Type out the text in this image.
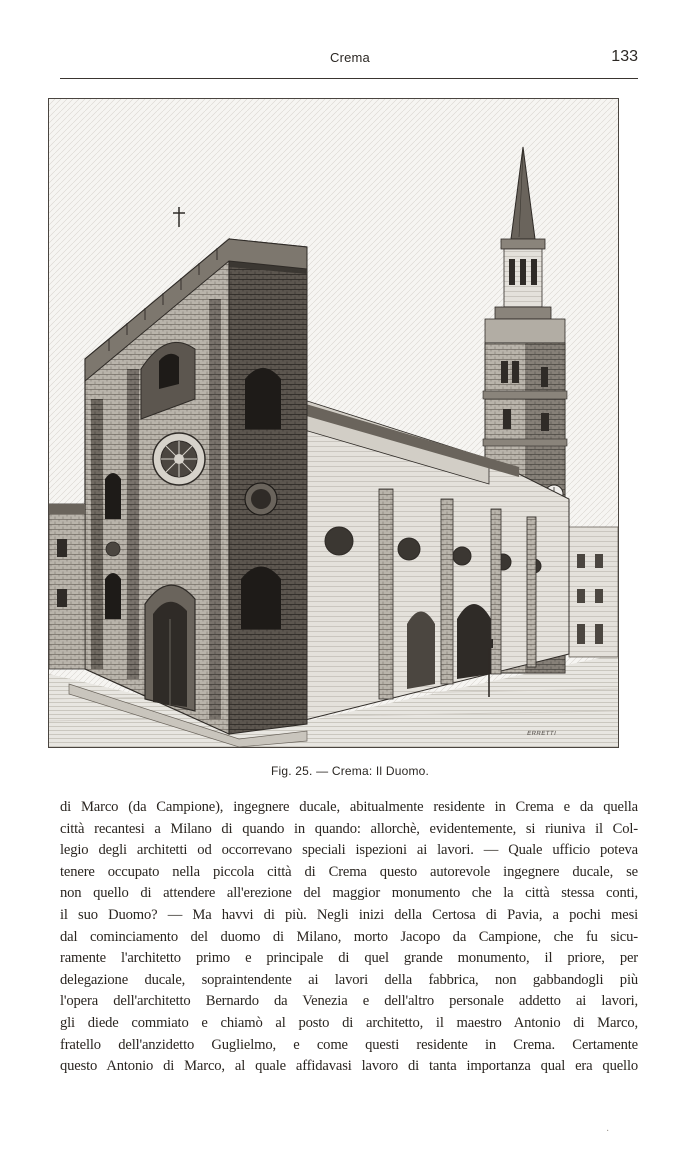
Crema	133
ERRETTI
Fig. 25. — Crema: Il Duomo.
di Marco (da Campione), ingegnere ducale, abitualmente residente in Crema e da quella
città recantesi a Milano di quando in quando: allorchè, evidentemente, si riuniva il Col-
legio degli architetti od occorrevano speciali ispezioni ai lavori. — Quale ufficio poteva
tenere occupato nella piccola città di Crema questo autorevole ingegnere ducale, se
non quello di attendere all'erezione del maggior monumento che la città stessa conti,
il suo Duomo? — Ma havvi di più. Negli inizi della Certosa di Pavia, a pochi mesi
dal cominciamento del duomo di Milano, morto Jacopo da Campione, che fu sicu-
ramente l'architetto primo e principale di quel grande monumento, il priore, per
delegazione ducale, sopraintendente ai lavori della fabbrica, non gabbandogli più
l'opera dell'architetto Bernardo da Venezia e dell'altro personale addetto ai lavori,
gli diede commiato e chiamò al posto di architetto, il maestro Antonio di Marco,
fratello dell'anzidetto Guglielmo, e come questi residente in Crema. Certamente
questo Antonio di Marco, al quale affidavasi lavoro di tanta importanza qual era quello
·
